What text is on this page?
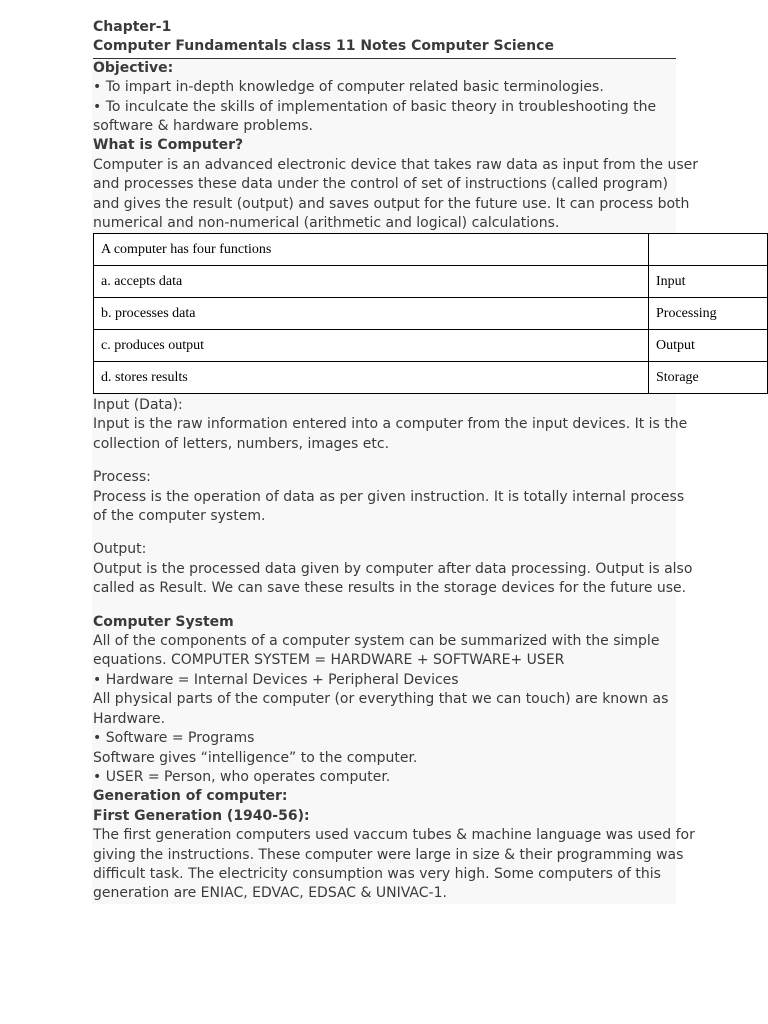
Chapter-1
Computer Fundamentals class 11 Notes Computer Science
Objective:
• To impart in-depth knowledge of computer related basic terminologies.
• To inculcate the skills of implementation of basic theory in troubleshooting the
software & hardware problems.
What is Computer?
Computer is an advanced electronic device that takes raw data as input from the user
and processes these data under the control of set of instructions (called program)
and gives the result (output) and saves output for the future use. It can process both
numerical and non-numerical (arithmetic and logical) calculations.
A computer has four functions	
a. accepts data	Input
b. processes data	Processing
c. produces output	Output
d. stores results	Storage
Input (Data):
Input is the raw information entered into a computer from the input devices. It is the
collection of letters, numbers, images etc.
Process:
Process is the operation of data as per given instruction. It is totally internal process
of the computer system.
Output:
Output is the processed data given by computer after data processing. Output is also
called as Result. We can save these results in the storage devices for the future use.
Computer System
All of the components of a computer system can be summarized with the simple
equations. COMPUTER SYSTEM = HARDWARE + SOFTWARE+ USER
• Hardware = Internal Devices + Peripheral Devices
All physical parts of the computer (or everything that we can touch) are known as
Hardware.
• Software = Programs
Software gives “intelligence” to the computer.
• USER = Person, who operates computer.
Generation of computer:
First Generation (1940-56):
The first generation computers used vaccum tubes & machine language was used for
giving the instructions. These computer were large in size & their programming was
difficult task. The electricity consumption was very high. Some computers of this
generation are ENIAC, EDVAC, EDSAC & UNIVAC-1.
